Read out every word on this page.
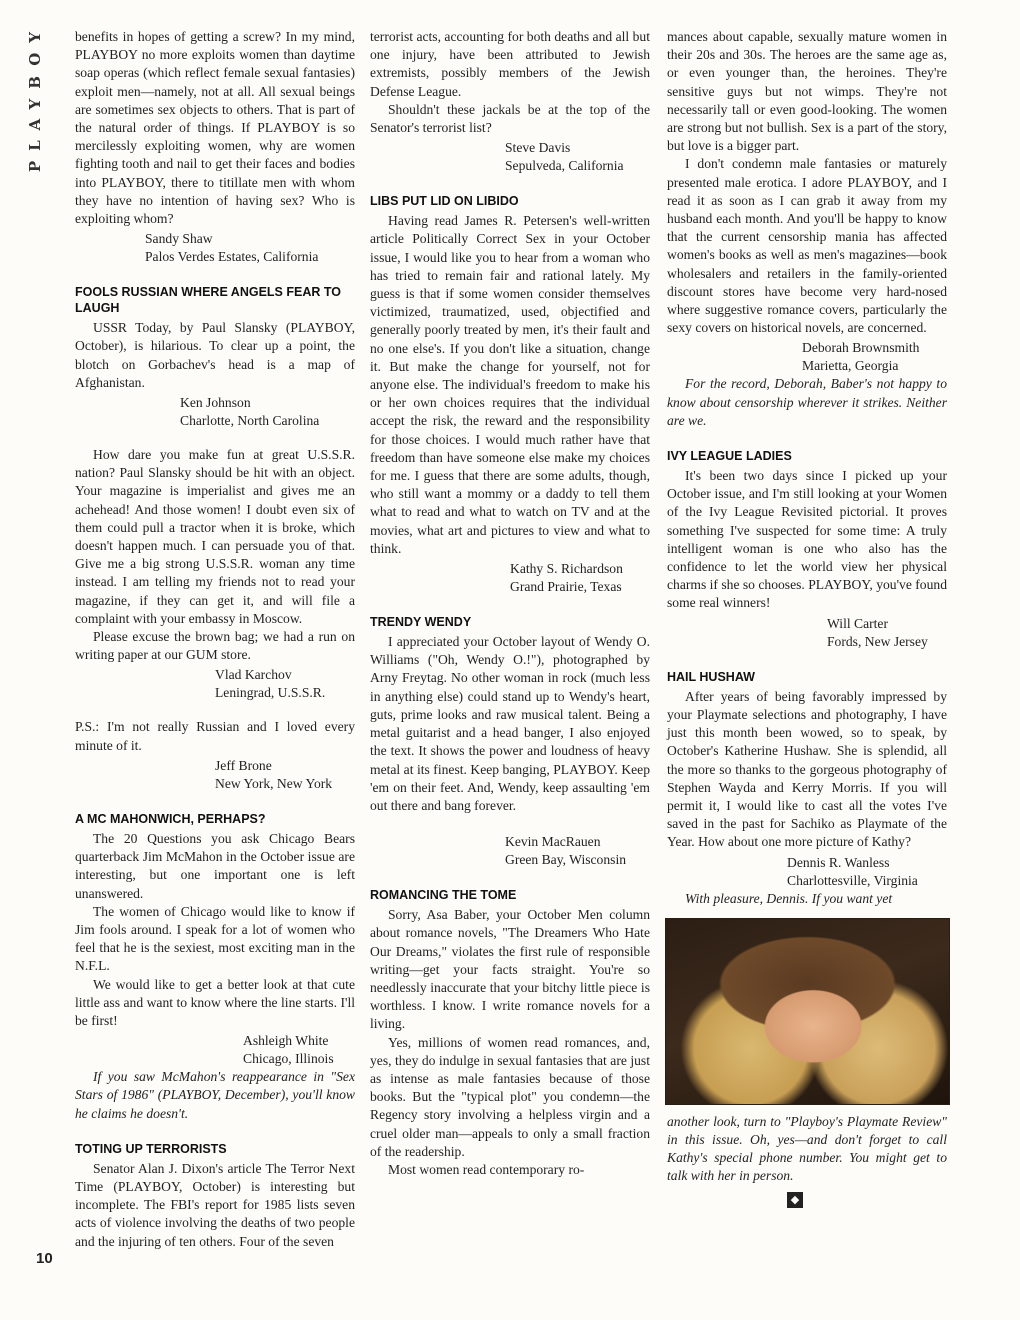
PLAYBOY
10

benefits in hopes of getting a screw? In my mind, PLAYBOY no more exploits women than daytime soap operas (which reflect female sexual fantasies) exploit men—namely, not at all. All sexual beings are sometimes sex objects to others. That is part of the natural order of things. If PLAYBOY is so mercilessly exploiting women, why are women fighting tooth and nail to get their faces and bodies into PLAYBOY, there to titillate men with whom they have no intention of having sex? Who is exploiting whom?

Sandy Shaw
Palos Verdes Estates, California
FOOLS RUSSIAN WHERE ANGELS FEAR TO LAUGH

USSR Today, by Paul Slansky (PLAYBOY, October), is hilarious. To clear up a point, the blotch on Gorbachev's head is a map of Afghanistan.

Ken Johnson
Charlotte, North Carolina

How dare you make fun at great U.S.S.R. nation? Paul Slansky should be hit with an object. Your magazine is imperialist and gives me an achehead! And those women! I doubt even six of them could pull a tractor when it is broke, which doesn't happen much. I can persuade you of that. Give me a big strong U.S.S.R. woman any time instead. I am telling my friends not to read your magazine, if they can get it, and will file a complaint with your embassy in Moscow.

Please excuse the brown bag; we had a run on writing paper at our GUM store.

Vlad Karchov
Leningrad, U.S.S.R.

P.S.: I'm not really Russian and I loved every minute of it.

Jeff Brone
New York, New York
A MC MAHONWICH, PERHAPS?

The 20 Questions you ask Chicago Bears quarterback Jim McMahon in the October issue are interesting, but one important one is left unanswered.

The women of Chicago would like to know if Jim fools around. I speak for a lot of women who feel that he is the sexiest, most exciting man in the N.F.L.

We would like to get a better look at that cute little ass and want to know where the line starts. I'll be first!

Ashleigh White
Chicago, Illinois

If you saw McMahon's reappearance in "Sex Stars of 1986" (PLAYBOY, December), you'll know he claims he doesn't.

TOTING UP TERRORISTS

Senator Alan J. Dixon's article The Terror Next Time (PLAYBOY, October) is interesting but incomplete. The FBI's report for 1985 lists seven acts of violence involving the deaths of two people and the injuring of ten others. Four of the seven

terrorist acts, accounting for both deaths and all but one injury, have been attributed to Jewish extremists, possibly members of the Jewish Defense League.

Shouldn't these jackals be at the top of the Senator's terrorist list?

Steve Davis
Sepulveda, California
LIBS PUT LID ON LIBIDO

Having read James R. Petersen's well-written article Politically Correct Sex in your October issue, I would like you to hear from a woman who has tried to remain fair and rational lately. My guess is that if some women consider themselves victimized, traumatized, used, objectified and generally poorly treated by men, it's their fault and no one else's. If you don't like a situation, change it. But make the change for yourself, not for anyone else. The individual's freedom to make his or her own choices requires that the individual accept the risk, the reward and the responsibility for those choices. I would much rather have that freedom than have someone else make my choices for me. I guess that there are some adults, though, who still want a mommy or a daddy to tell them what to read and what to watch on TV and at the movies, what art and pictures to view and what to think.

Kathy S. Richardson
Grand Prairie, Texas
TRENDY WENDY

I appreciated your October layout of Wendy O. Williams ("Oh, Wendy O.!"), photographed by Arny Freytag. No other woman in rock (much less in anything else) could stand up to Wendy's heart, guts, prime looks and raw musical talent. Being a metal guitarist and a head banger, I also enjoyed the text. It shows the power and loudness of heavy metal at its finest. Keep banging, PLAYBOY. Keep 'em on their feet. And, Wendy, keep assaulting 'em out there and bang forever.

Kevin MacRauen
Green Bay, Wisconsin
ROMANCING THE TOME

Sorry, Asa Baber, your October Men column about romance novels, "The Dreamers Who Hate Our Dreams," violates the first rule of responsible writing—get your facts straight. You're so needlessly inaccurate that your bitchy little piece is worthless. I know. I write romance novels for a living.

Yes, millions of women read romances, and, yes, they do indulge in sexual fantasies that are just as intense as male fantasies because of those books. But the "typical plot" you condemn—the Regency story involving a helpless virgin and a cruel older man—appeals to only a small fraction of the readership.

Most women read contemporary ro-

mances about capable, sexually mature women in their 20s and 30s. The heroes are the same age as, or even younger than, the heroines. They're sensitive guys but not wimps. They're not necessarily tall or even good-looking. The women are strong but not bullish. Sex is a part of the story, but love is a bigger part.

I don't condemn male fantasies or maturely presented male erotica. I adore PLAYBOY, and I read it as soon as I can grab it away from my husband each month. And you'll be happy to know that the current censorship mania has affected women's books as well as men's magazines—book wholesalers and retailers in the family-oriented discount stores have become very hard-nosed where suggestive romance covers, particularly the sexy covers on historical novels, are concerned.

Deborah Brownsmith
Marietta, Georgia

For the record, Deborah, Baber's not happy to know about censorship wherever it strikes. Neither are we.

IVY LEAGUE LADIES

It's been two days since I picked up your October issue, and I'm still looking at your Women of the Ivy League Revisited pictorial. It proves something I've suspected for some time: A truly intelligent woman is one who also has the confidence to let the world view her physical charms if she so chooses. PLAYBOY, you've found some real winners!

Will Carter
Fords, New Jersey
HAIL HUSHAW

After years of being favorably impressed by your Playmate selections and photography, I have just this month been wowed, so to speak, by October's Katherine Hushaw. She is splendid, all the more so thanks to the gorgeous photography of Stephen Wayda and Kerry Morris. If you will permit it, I would like to cast all the votes I've saved in the past for Sachiko as Playmate of the Year. How about one more picture of Kathy?

Dennis R. Wanless
Charlottesville, Virginia

With pleasure, Dennis. If you want yet

another look, turn to "Playboy's Playmate Review" in this issue. Oh, yes—and don't forget to call Kathy's special phone number. You might get to talk with her in person.

◆
